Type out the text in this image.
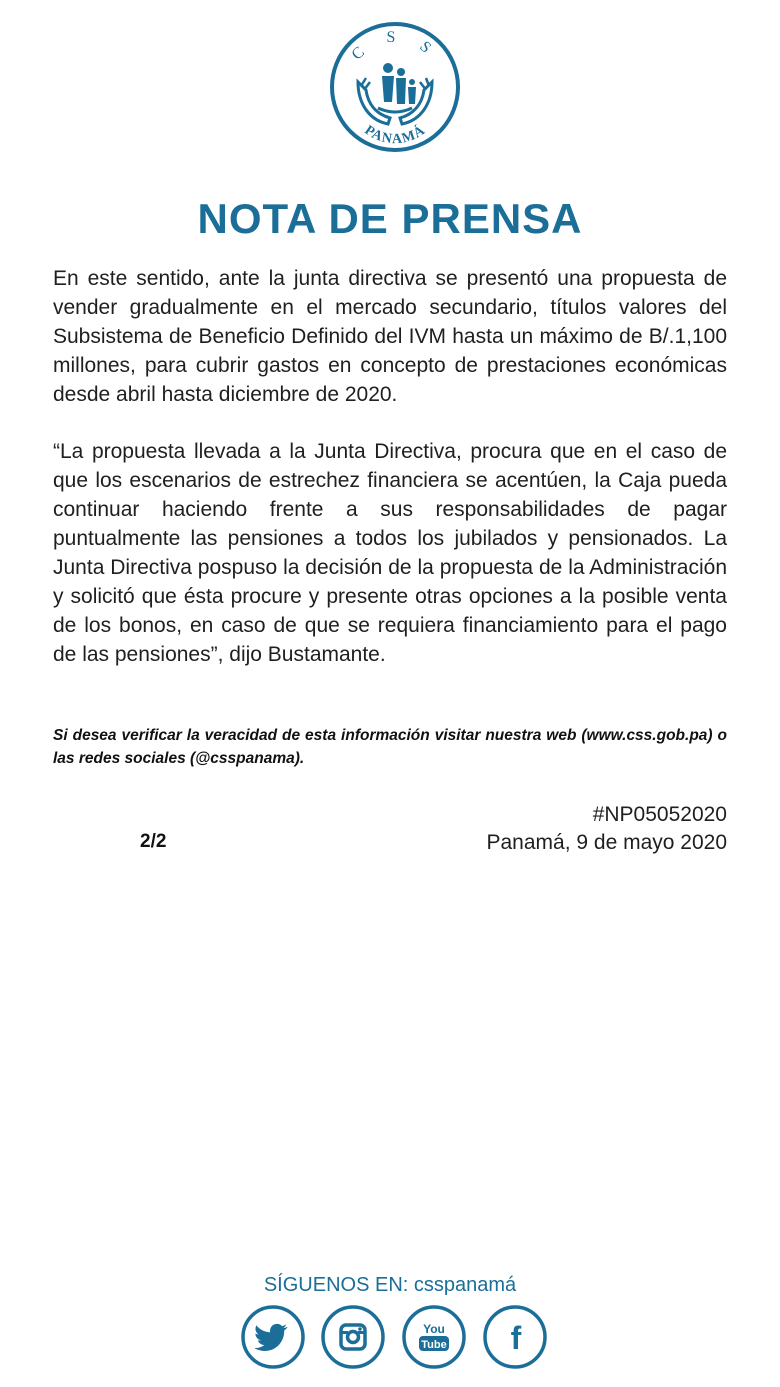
C S S
PANAMÁ
NOTA DE PRENSA

En este sentido, ante la junta directiva se presentó una propuesta de vender gradualmente en el mercado secundario, títulos valores del Subsistema de Beneficio Definido del IVM hasta un máximo de B/.1,100 millones, para cubrir gastos en concepto de prestaciones económicas desde abril hasta diciembre de 2020.

“La propuesta llevada a la Junta Directiva, procura que en el caso de que los escenarios de estrechez financiera se acentúen, la Caja pueda continuar haciendo frente a sus responsabilidades de pagar puntualmente las pensiones a todos los jubilados y pensionados. La Junta Directiva pospuso la decisión de la propuesta de la Administración y solicitó que ésta procure y presente otras opciones a la posible venta de los bonos, en caso de que se requiera financiamiento para el pago de las pensiones”, dijo Bustamante.

Si desea verificar la veracidad de esta información visitar nuestra web (www.css.gob.pa) o las redes sociales (@csspanama).

#NP05052020

2/2	Panamá, 9 de mayo 2020

SÍGUENOS EN: csspanamá

You
Tube f
